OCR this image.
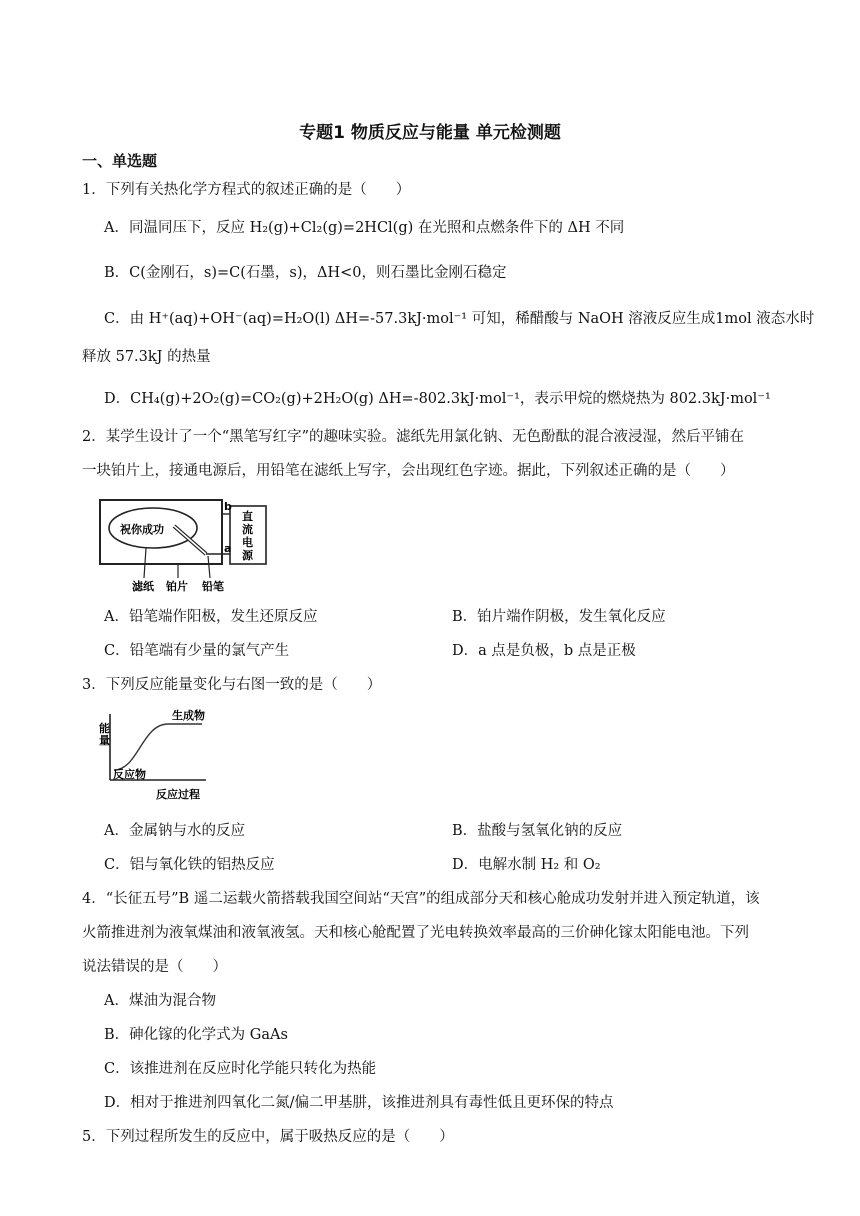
专题1 物质反应与能量 单元检测题
一、单选题
1．下列有关热化学方程式的叙述正确的是（　　）
A．同温同压下，反应 H₂(g)+Cl₂(g)=2HCl(g) 在光照和点燃条件下的 ΔH 不同
B．C(金刚石，s)=C(石墨，s)，ΔH<0，则石墨比金刚石稳定
C．由 H⁺(aq)+OH⁻(aq)=H₂O(l) ΔH=-57.3kJ·mol⁻¹ 可知，稀醋酸与 NaOH 溶液反应生成1mol 液态水时
释放 57.3kJ 的热量
D．CH₄(g)+2O₂(g)=CO₂(g)+2H₂O(g) ΔH=-802.3kJ·mol⁻¹，表示甲烷的燃烧热为 802.3kJ·mol⁻¹
2．某学生设计了一个“黑笔写红字”的趣味实验。滤纸先用氯化钠、无色酚酞的混合液浸湿，然后平铺在
一块铂片上，接通电源后，用铅笔在滤纸上写字，会出现红色字迹。据此，下列叙述正确的是（　　）
祝你成功
直
流
电
源
b
a
滤纸 铂片 铅笔
A．铅笔端作阳极，发生还原反应	B．铂片端作阴极，发生氧化反应
C．铅笔端有少量的氯气产生	D．a 点是负极，b 点是正极
3．下列反应能量变化与右图一致的是（　　）
能
量
生成物
反应物
反应过程
A．金属钠与水的反应	B．盐酸与氢氧化钠的反应
C．铝与氧化铁的铝热反应	D．电解水制 H₂ 和 O₂
4．“长征五号”B 遥二运载火箭搭载我国空间站“天宫”的组成部分天和核心舱成功发射并进入预定轨道，该
火箭推进剂为液氧煤油和液氧液氢。天和核心舱配置了光电转换效率最高的三价砷化镓太阳能电池。下列
说法错误的是（　　）
A．煤油为混合物
B．砷化镓的化学式为 GaAs
C．该推进剂在反应时化学能只转化为热能
D．相对于推进剂四氧化二氮/偏二甲基肼，该推进剂具有毒性低且更环保的特点
5．下列过程所发生的反应中，属于吸热反应的是（　　）
